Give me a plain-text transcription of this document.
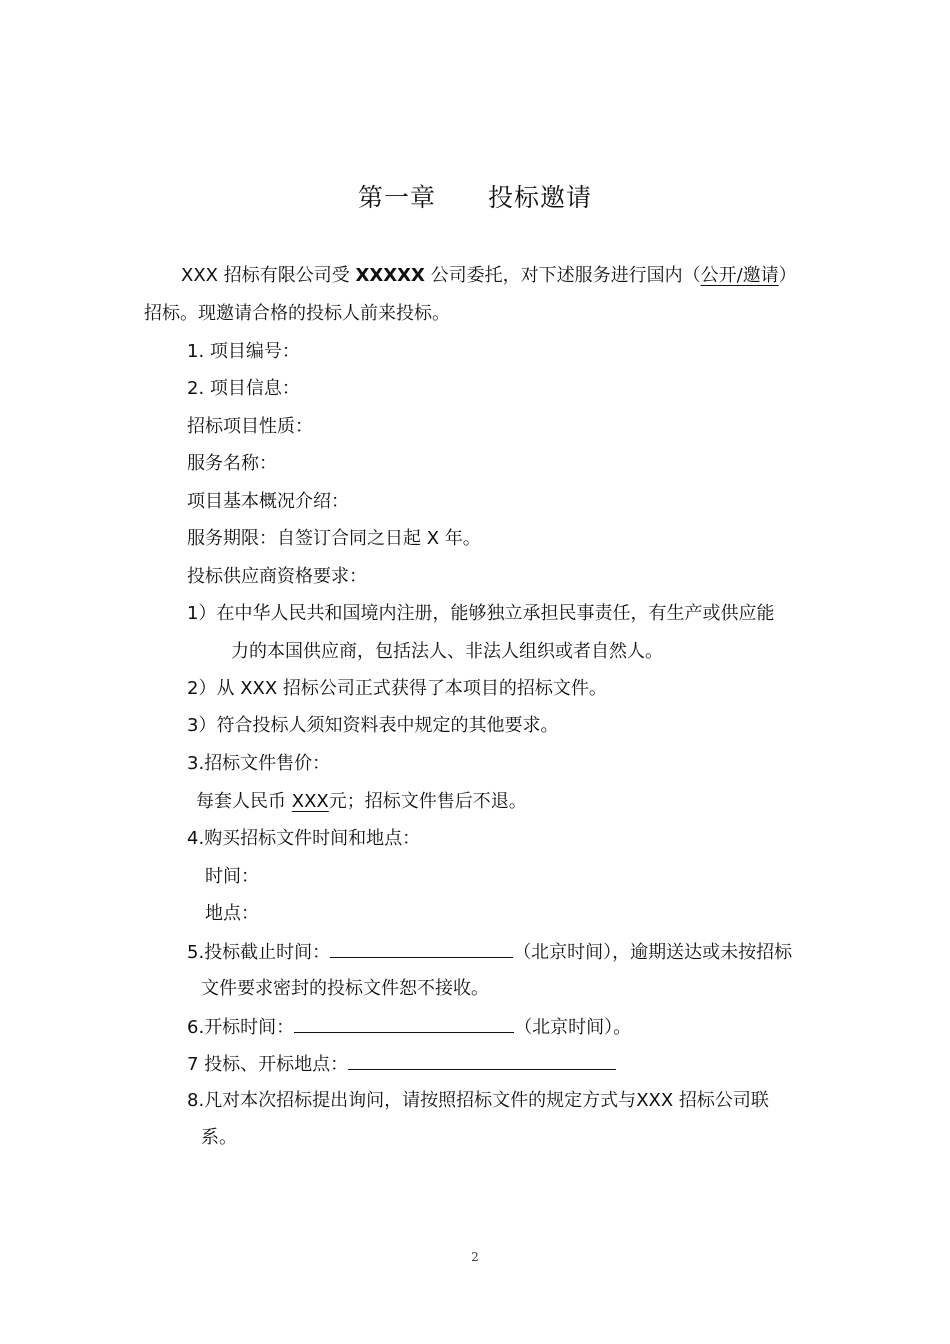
第一章 投标邀请
XXX 招标有限公司受 XXXXX 公司委托，对下述服务进行国内（公开/邀请）
招标。现邀请合格的投标人前来投标。
1. 项目编号：
2. 项目信息：
招标项目性质：
服务名称：
项目基本概况介绍：
服务期限：自签订合同之日起 X 年。
投标供应商资格要求：
1）在中华人民共和国境内注册，能够独立承担民事责任，有生产或供应能
力的本国供应商，包括法人、非法人组织或者自然人。
2）从 XXX 招标公司正式获得了本项目的招标文件。
3）符合投标人须知资料表中规定的其他要求。
3.招标文件售价：
每套人民币 XXX元；招标文件售后不退。
4.购买招标文件时间和地点：
时间：
地点：
5.投标截止时间：	（北京时间），逾期送达或未按招标
文件要求密封的投标文件恕不接收。
6.开标时间：	（北京时间）。
7 投标、开标地点：
8.凡对本次招标提出询问，请按照招标文件的规定方式与XXX 招标公司联
系。
2
